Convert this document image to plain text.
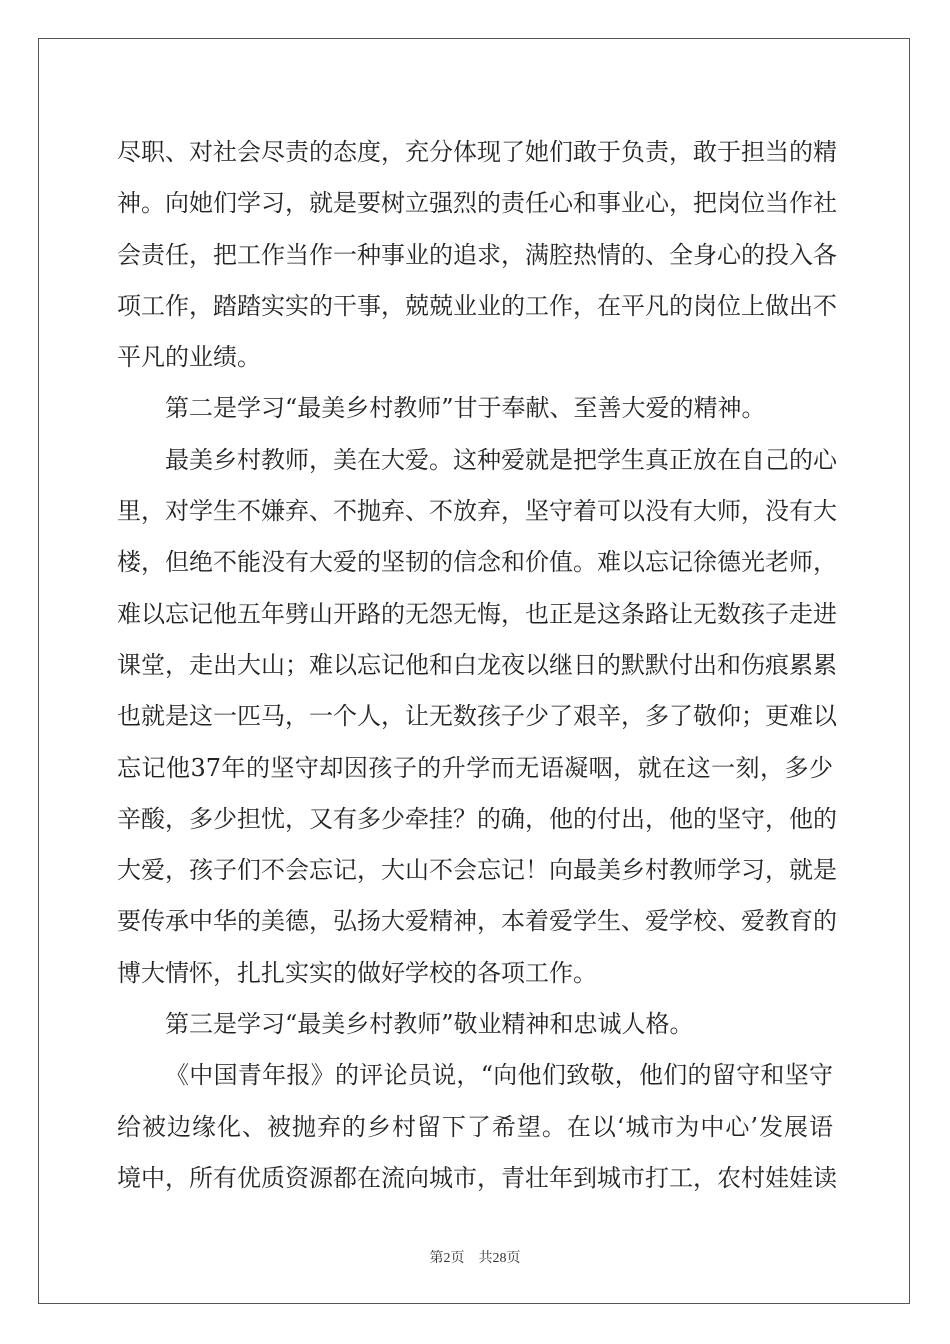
尽职、对社会尽责的态度，充分体现了她们敢于负责，敢于担当的精
神。向她们学习，就是要树立强烈的责任心和事业心，把岗位当作社
会责任，把工作当作一种事业的追求，满腔热情的、全身心的投入各
项工作，踏踏实实的干事，兢兢业业的工作，在平凡的岗位上做出不
平凡的业绩。
第二是学习“最美乡村教师”甘于奉献、至善大爱的精神。
最美乡村教师，美在大爱。这种爱就是把学生真正放在自己的心
里，对学生不嫌弃、不抛弃、不放弃，坚守着可以没有大师，没有大
楼，但绝不能没有大爱的坚韧的信念和价值。难以忘记徐德光老师，
难以忘记他五年劈山开路的无怨无悔，也正是这条路让无数孩子走进
课堂，走出大山；难以忘记他和白龙夜以继日的默默付出和伤痕累累
也就是这一匹马，一个人，让无数孩子少了艰辛，多了敬仰；更难以
忘记他37年的坚守却因孩子的升学而无语凝咽，就在这一刻，多少
辛酸，多少担忧，又有多少牵挂？的确，他的付出，他的坚守，他的
大爱，孩子们不会忘记，大山不会忘记！向最美乡村教师学习，就是
要传承中华的美德，弘扬大爱精神，本着爱学生、爱学校、爱教育的
博大情怀，扎扎实实的做好学校的各项工作。
第三是学习“最美乡村教师”敬业精神和忠诚人格。
《中国青年报》的评论员说，“向他们致敬，他们的留守和坚守
给被边缘化、被抛弃的乡村留下了希望。在以‘城市为中心’发展语
境中，所有优质资源都在流向城市，青壮年到城市打工，农村娃娃读
第2页 共28页
